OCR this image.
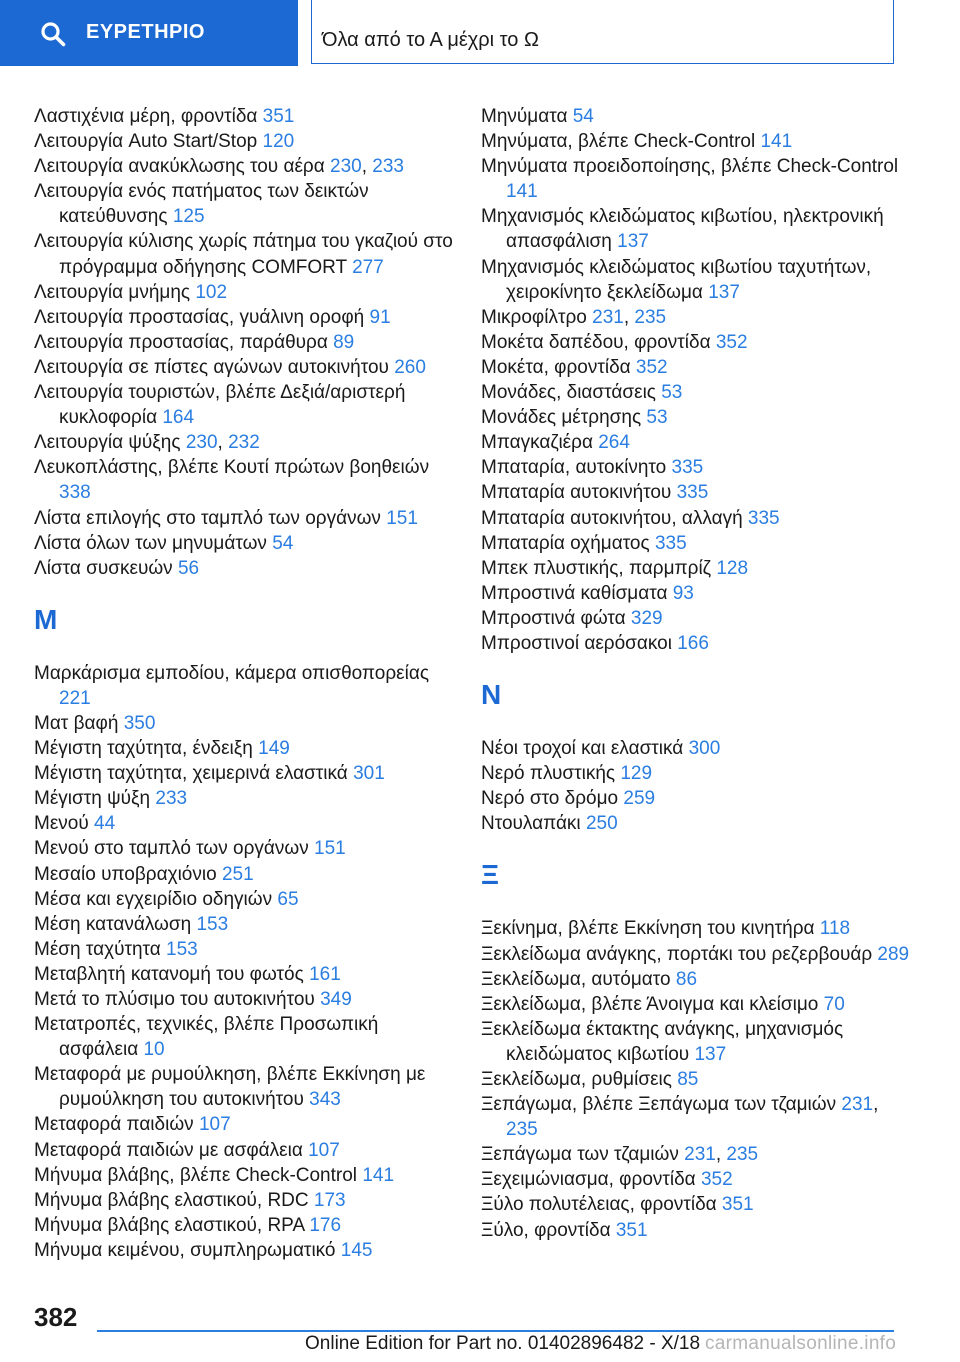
ΕΥΡΕΤΗΡΙΟ	Όλα από το Α μέχρι το Ω
Λαστιχένια μέρη, φροντίδα 351
Λειτουργία Auto Start/Stop 120
Λειτουργία ανακύκλωσης του αέρα 230, 233
Λειτουργία ενός πατήματος των δεικτών κατεύθυνσης 125
Λειτουργία κύλισης χωρίς πάτημα του γκαζιού στο πρόγραμμα οδήγησης COMFORT 277
Λειτουργία μνήμης 102
Λειτουργία προστασίας, γυάλινη οροφή 91
Λειτουργία προστασίας, παράθυρα 89
Λειτουργία σε πίστες αγώνων αυτοκινήτου 260
Λειτουργία τουριστών, βλέπε Δεξιά/αριστερή κυκλοφορία 164
Λειτουργία ψύξης 230, 232
Λευκοπλάστης, βλέπε Κουτί πρώτων βοηθειών 338
Λίστα επιλογής στο ταμπλό των οργάνων 151
Λίστα όλων των μηνυμάτων 54
Λίστα συσκευών 56
Μ
Μαρκάρισμα εμποδίου, κάμερα οπισθοπορείας 221
Ματ βαφή 350
Μέγιστη ταχύτητα, ένδειξη 149
Μέγιστη ταχύτητα, χειμερινά ελαστικά 301
Μέγιστη ψύξη 233
Μενού 44
Μενού στο ταμπλό των οργάνων 151
Μεσαίο υποβραχιόνιο 251
Μέσα και εγχειρίδιο οδηγιών 65
Μέση κατανάλωση 153
Μέση ταχύτητα 153
Μεταβλητή κατανομή του φωτός 161
Μετά το πλύσιμο του αυτοκινήτου 349
Μετατροπές, τεχνικές, βλέπε Προσωπική ασφάλεια 10
Μεταφορά με ρυμούλκηση, βλέπε Εκκίνηση με ρυμούλκηση του αυτοκινήτου 343
Μεταφορά παιδιών 107
Μεταφορά παιδιών με ασφάλεια 107
Μήνυμα βλάβης, βλέπε Check-Control 141
Μήνυμα βλάβης ελαστικού, RDC 173
Μήνυμα βλάβης ελαστικού, RPA 176
Μήνυμα κειμένου, συμπληρωματικό 145
Μηνύματα 54
Μηνύματα, βλέπε Check-Control 141
Μηνύματα προειδοποίησης, βλέπε Check-Control 141
Μηχανισμός κλειδώματος κιβωτίου, ηλεκτρονική απασφάλιση 137
Μηχανισμός κλειδώματος κιβωτίου ταχυτήτων, χειροκίνητο ξεκλείδωμα 137
Μικροφίλτρο 231, 235
Μοκέτα δαπέδου, φροντίδα 352
Μοκέτα, φροντίδα 352
Μονάδες, διαστάσεις 53
Μονάδες μέτρησης 53
Μπαγκαζιέρα 264
Μπαταρία, αυτοκίνητο 335
Μπαταρία αυτοκινήτου 335
Μπαταρία αυτοκινήτου, αλλαγή 335
Μπαταρία οχήματος 335
Μπεκ πλυστικής, παρμπρίζ 128
Μπροστινά καθίσματα 93
Μπροστινά φώτα 329
Μπροστινοί αερόσακοι 166
Ν
Νέοι τροχοί και ελαστικά 300
Νερό πλυστικής 129
Νερό στο δρόμο 259
Ντουλαπάκι 250
Ξ
Ξεκίνημα, βλέπε Εκκίνηση του κινητήρα 118
Ξεκλείδωμα ανάγκης, πορτάκι του ρεζερβουάρ 289
Ξεκλείδωμα, αυτόματο 86
Ξεκλείδωμα, βλέπε Άνοιγμα και κλείσιμο 70
Ξεκλείδωμα έκτακτης ανάγκης, μηχανισμός κλειδώματος κιβωτίου 137
Ξεκλείδωμα, ρυθμίσεις 85
Ξεπάγωμα, βλέπε Ξεπάγωμα των τζαμιών 231, 235
Ξεπάγωμα των τζαμιών 231, 235
Ξεχειμώνιασμα, φροντίδα 352
Ξύλο πολυτέλειας, φροντίδα 351
Ξύλο, φροντίδα 351
382
Online Edition for Part no. 01402896482 - X/18 carmanualsonline.info
